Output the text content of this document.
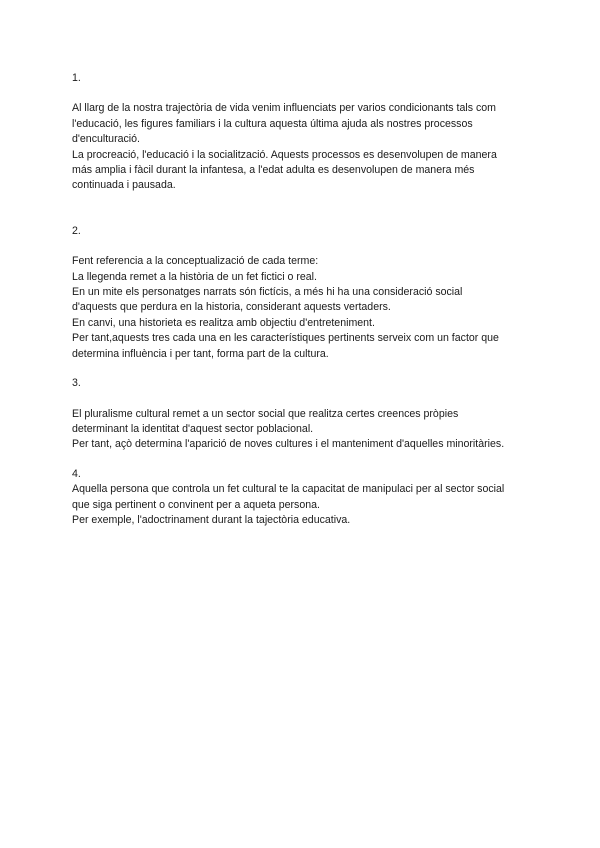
1.

Al llarg de la nostra trajectòria de vida venim influenciats per varios condicionants tals com

l'educació, les figures familiars i la cultura aquesta última ajuda als nostres processos

d'enculturació.

La procreació, l'educació i la socialització. Aquests processos es desenvolupen de manera

más amplia i fàcil durant la infantesa, a l'edat adulta es desenvolupen de manera més

continuada i pausada.

2.

Fent referencia a la conceptualizació de cada terme:

La llegenda remet a la història de un fet fictici o real.

En un mite els personatges narrats són fictícis, a més hi ha una consideració social

d'aquests que perdura en la historia, considerant aquests vertaders.

En canvi, una historieta es realitza amb objectiu d'entreteniment.

Per tant,aquests tres cada una en les característiques pertinents serveix com un factor que

determina influència i per tant, forma part de la cultura.

3.

El pluralisme cultural remet a un sector social que realitza certes creences pròpies

determinant la identitat d'aquest sector poblacional.

Per tant, açò determina l'aparició de noves cultures i el manteniment d'aquelles minoritàries.

4.

Aquella persona que controla un fet cultural te la capacitat de manipulaci per al sector social

que siga pertinent o convinent per a aqueta persona.

Per exemple, l'adoctrinament durant la tajectòria educativa.
